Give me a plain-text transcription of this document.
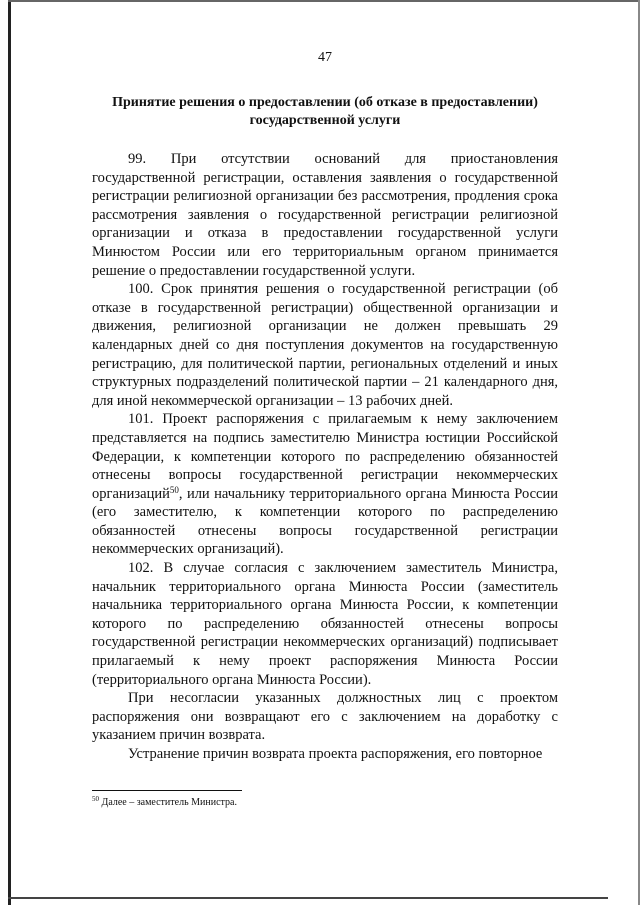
47
Принятие решения о предоставлении (об отказе в предоставлении)
государственной услуги

99. При отсутствии оснований для приостановления государственной регистрации, оставления заявления о государственной регистрации религиозной организации без рассмотрения, продления срока рассмотрения заявления о государственной регистрации религиозной организации и отказа в предоставлении государственной услуги Минюстом России или его территориальным органом принимается решение о предоставлении государственной услуги.

100. Срок принятия решения о государственной регистрации (об отказе в государственной регистрации) общественной организации и движения, религиозной организации не должен превышать 29 календарных дней со дня поступления документов на государственную регистрацию, для политической партии, региональных отделений и иных структурных подразделений политической партии – 21 календарного дня, для иной некоммерческой организации – 13 рабочих дней.

101. Проект распоряжения с прилагаемым к нему заключением представляется на подпись заместителю Министра юстиции Российской Федерации, к компетенции которого по распределению обязанностей отнесены вопросы государственной регистрации некоммерческих организаций$^{50}$, или начальнику территориального органа Минюста России (его заместителю, к компетенции которого по распределению обязанностей отнесены вопросы государственной регистрации некоммерческих организаций).

102. В случае согласия с заключением заместитель Министра, начальник территориального органа Минюста России (заместитель начальника территориального органа Минюста России, к компетенции которого по распределению обязанностей отнесены вопросы государственной регистрации некоммерческих организаций) подписывает прилагаемый к нему проект распоряжения Минюста России (территориального органа Минюста России).

При несогласии указанных должностных лиц с проектом распоряжения они возвращают его с заключением на доработку с указанием причин возврата.

Устранение причин возврата проекта распоряжения, его повторное

$^{50}$ Далее – заместитель Министра.
